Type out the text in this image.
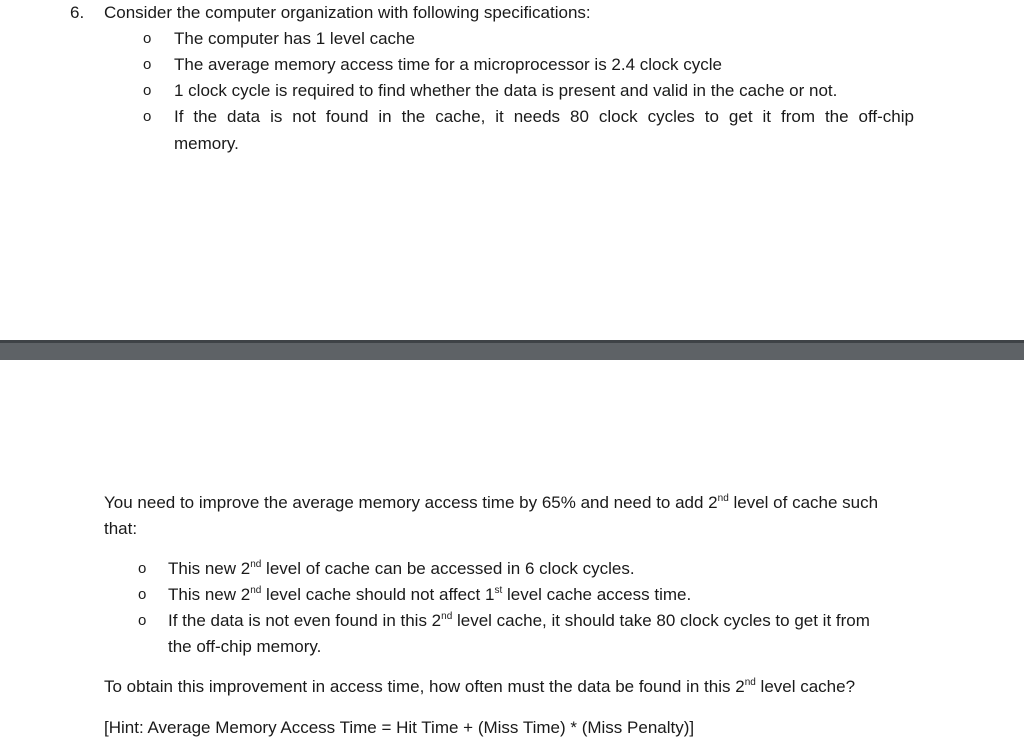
6. Consider the computer organization with following specifications:
o The computer has 1 level cache
o The average memory access time for a microprocessor is 2.4 clock cycle
o 1 clock cycle is required to find whether the data is present and valid in the cache or not.
o If the data is not found in the cache, it needs 80 clock cycles to get it from the off-chip
memory.
You need to improve the average memory access time by 65% and need to add 2nd level of cache such
that:
o This new 2nd level of cache can be accessed in 6 clock cycles.
o This new 2nd level cache should not affect 1st level cache access time.
o If the data is not even found in this 2nd level cache, it should take 80 clock cycles to get it from
the off-chip memory.
To obtain this improvement in access time, how often must the data be found in this 2nd level cache?
[Hint: Average Memory Access Time = Hit Time + (Miss Time) * (Miss Penalty)]
